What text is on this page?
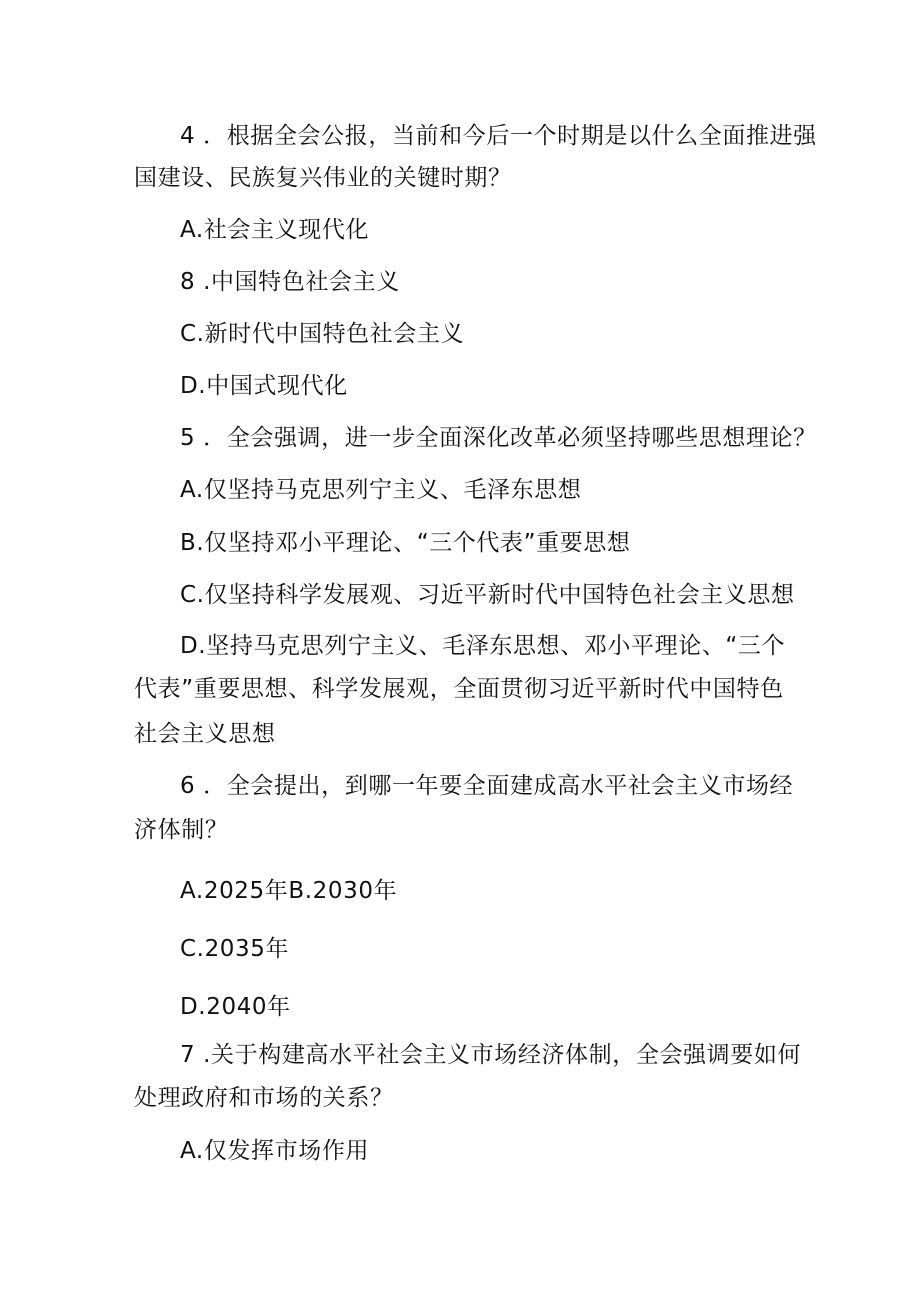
4 ．根据全会公报，当前和今后一个时期是以什么全面推进强
国建设、民族复兴伟业的关键时期？
A.社会主义现代化
8 .中国特色社会主义
C.新时代中国特色社会主义
D.中国式现代化
5 ．全会强调，进一步全面深化改革必须坚持哪些思想理论？
A.仅坚持马克思列宁主义、毛泽东思想
B.仅坚持邓小平理论、“三个代表”重要思想
C.仅坚持科学发展观、习近平新时代中国特色社会主义思想
D.坚持马克思列宁主义、毛泽东思想、邓小平理论、“三个
代表”重要思想、科学发展观，全面贯彻习近平新时代中国特色
社会主义思想
6 ．全会提出，到哪一年要全面建成高水平社会主义市场经
济体制？
A.2025年B.2030年
C.2035年
D.2040年
7 .关于构建高水平社会主义市场经济体制，全会强调要如何
处理政府和市场的关系？
A.仅发挥市场作用
